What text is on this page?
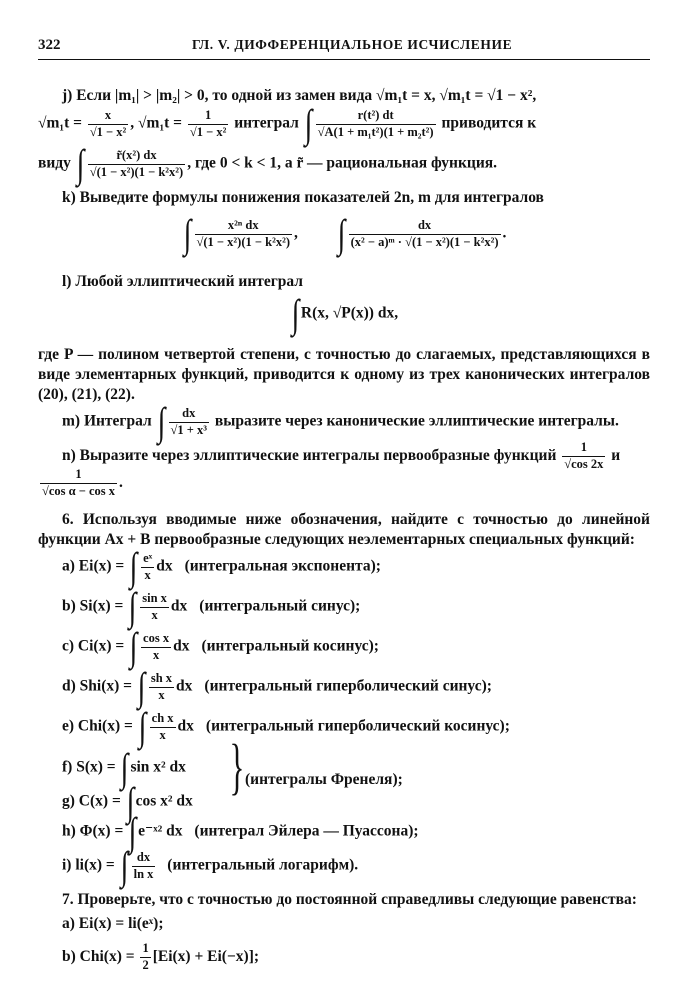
322	ГЛ. V. ДИФФЕРЕНЦИАЛЬНОЕ ИСЧИСЛЕНИЕ
j) Если |m₁| > |m₂| > 0, то одной из замен вида √m₁t = x, √m₁t = √1 − x²,
$√m_1t = \frac{x}{\text{√1 − x²}}$ , $√m_1t = \frac{1}{\text{√1 − x²}}$ интеграл ∫ $\frac{\text{r(t²) dt}}{\text{√A(1 + m₁t²)(1 + m₂t²)}}$ приводится к
виду ∫ $\frac{\text{r̃(x²) dx}}{\text{√(1 − x²)(1 − k²x²)}}$ , где 0 < k < 1, а r̃ — рациональная функция.
k) Выведите формулы понижения показателей 2n, m для интегралов
∫ $\frac{\text{x²ⁿ dx}}{\text{√(1 − x²)(1 − k²x²)}}$ , ∫ $\frac{dx}{\text{(x² − a)ᵐ · √(1 − x²)(1 − k²x²)}}$ .
l) Любой эллиптический интеграл
∫ R(x, √P(x)) dx,
где P — полином четвертой степени, с точностью до слагаемых, представляющихся в
виде элементарных функций, приводится к одному из трех канонических интегралов
(20), (21), (22).
m) Интеграл ∫ $\frac{dx}{\text{√1 + x³}}$ выразите через канонические эллиптические интегралы.
n) Выразите через эллиптические интегралы первообразные функций $\frac{1}{√\cos 2x}$ и
$\frac{1}{\text{√cos α − cos x}}$ .
6. Используя вводимые ниже обозначения, найдите с точностью до линейной
функции Ax + B первообразные следующих неэлементарных специальных функций:
a) Ei(x) = ∫ $\frac{\text{eˣ}}{x}$ dx (интегральная экспонента);
b) Si(x) = ∫ $\frac{\text{sin x}}{x}$ dx (интегральный синус);
c) Ci(x) = ∫ $\frac{\text{cos x}}{x}$ dx (интегральный косинус);
d) Shi(x) = ∫ $\frac{\text{sh x}}{x}$ dx (интегральный гиперболический синус);
e) Chi(x) = ∫ $\frac{\text{ch x}}{x}$ dx (интегральный гиперболический косинус);
f) S(x) = ∫ sin x² dx
g) C(x) = ∫ cos x² dx
} (интегралы Френеля);
h) Φ(x) = ∫ e⁻ˣ² dx (интеграл Эйлера — Пуассона);
i) li(x) = ∫ $\frac{dx}{\text{ln x}}$ (интегральный логарифм).
7. Проверьте, что с точностью до постоянной справедливы следующие равенства:
a) Ei(x) = li(eˣ);
b) $Chi(x) = \frac{1}{2} [Ei(x) + Ei(-x)]$;
